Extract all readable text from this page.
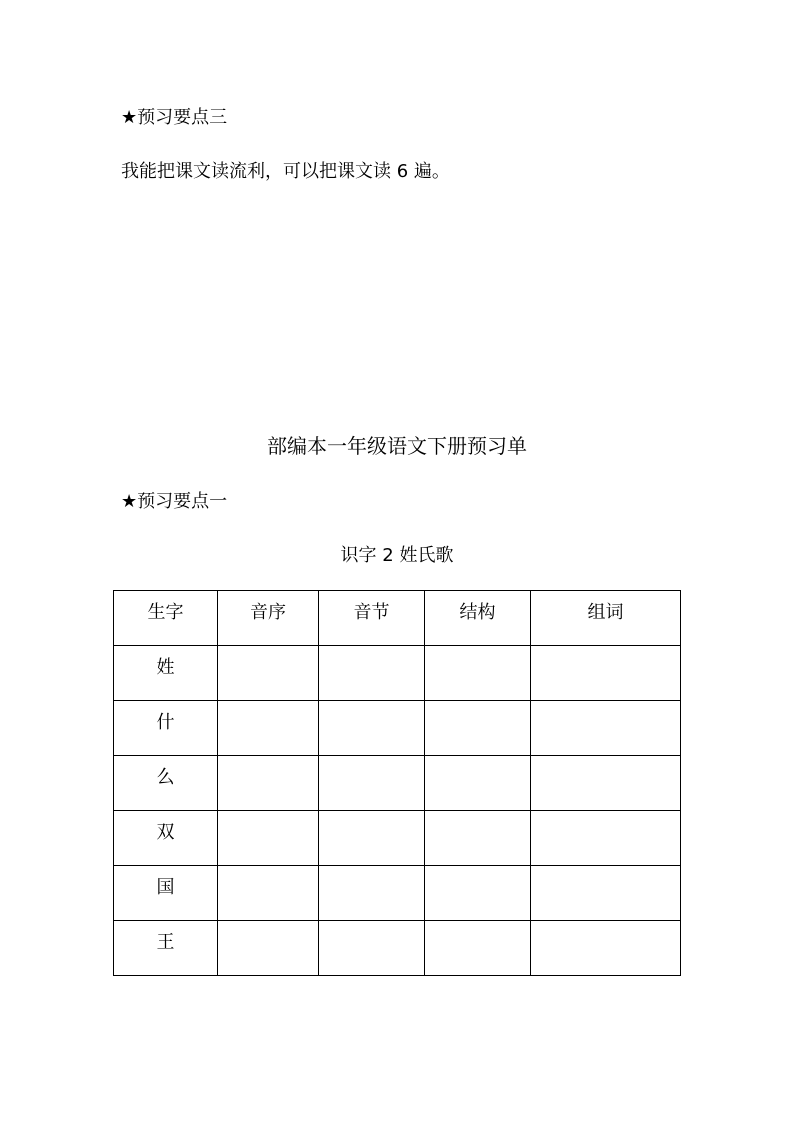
★预习要点三
我能把课文读流利，可以把课文读 6 遍。
部编本一年级语文下册预习单
★预习要点一
识字 2 姓氏歌
生字	音序	音节	结构	组词
姓				
什				
么				
双				
国				
王				
